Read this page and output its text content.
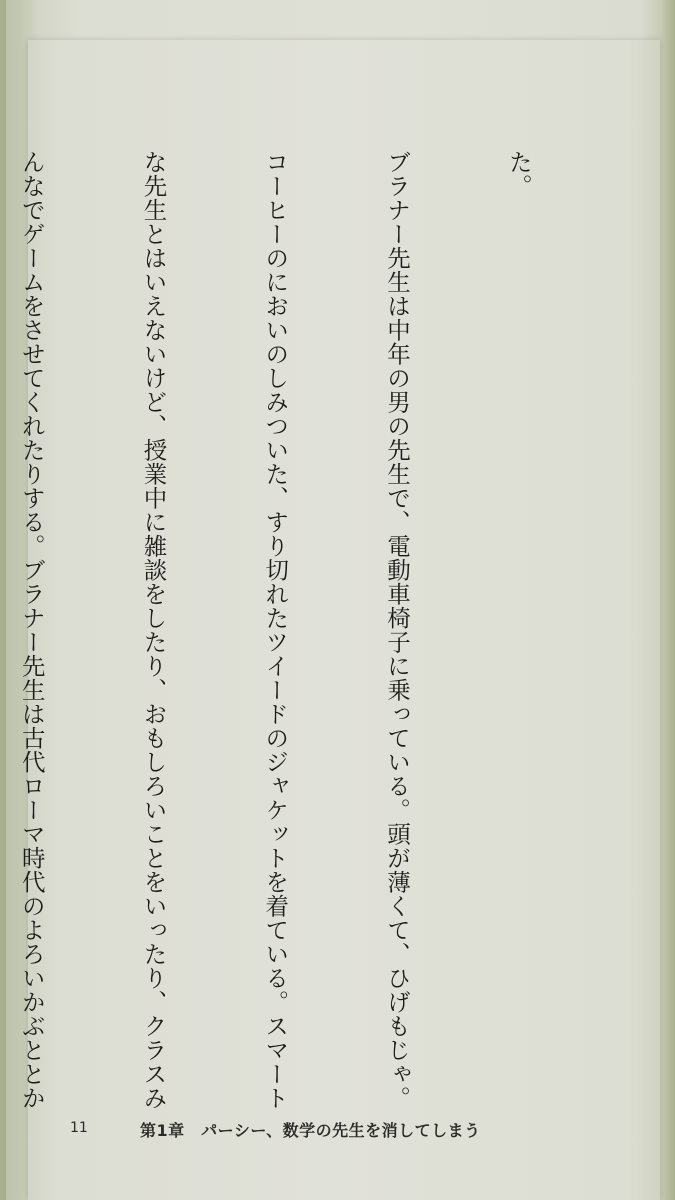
た。

ブラナー先生は中年の男の先生で、電動車椅子に乗っている。頭が薄くて、ひげもじゃ。

コーヒーのにおいのしみついた、すり切れたツイードのジャケットを着ている。スマート

な先生とはいえないけど、授業中に雑談をしたり、おもしろいことをいったり、クラスみ

んなでゲームをさせてくれたりする。ブラナー先生は古代ローマ時代のよろいかぶととか

11	第1章　パーシー、数学の先生を消してしまう
